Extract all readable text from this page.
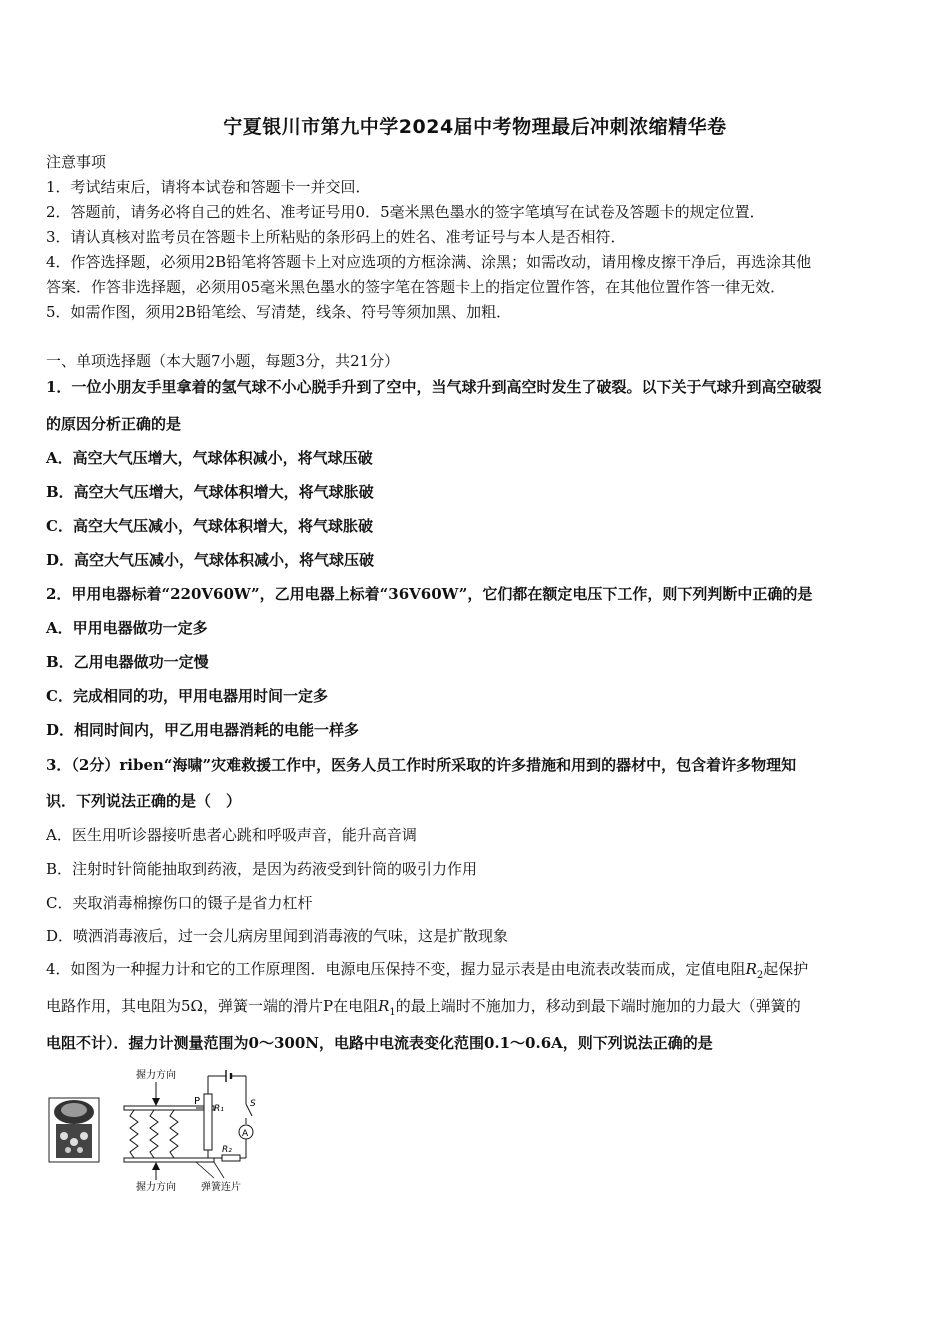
宁夏银川市第九中学2024届中考物理最后冲刺浓缩精华卷
注意事项
1．考试结束后，请将本试卷和答题卡一并交回．
2．答题前，请务必将自己的姓名、准考证号用0．5毫米黑色墨水的签字笔填写在试卷及答题卡的规定位置．
3．请认真核对监考员在答题卡上所粘贴的条形码上的姓名、准考证号与本人是否相符．
4．作答选择题，必须用2B铅笔将答题卡上对应选项的方框涂满、涂黑；如需改动，请用橡皮擦干净后，再选涂其他
答案．作答非选择题，必须用05毫米黑色墨水的签字笔在答题卡上的指定位置作答，在其他位置作答一律无效．
5．如需作图，须用2B铅笔绘、写清楚，线条、符号等须加黑、加粗．
一、单项选择题（本大题7小题，每题3分，共21分）
1．一位小朋友手里拿着的氢气球不小心脱手升到了空中，当气球升到高空时发生了破裂。以下关于气球升到高空破裂
的原因分析正确的是
A．高空大气压增大，气球体积减小，将气球压破
B．高空大气压增大，气球体积增大，将气球胀破
C．高空大气压减小，气球体积增大，将气球胀破
D．高空大气压减小，气球体积减小，将气球压破
2．甲用电器标着“220V60W”，乙用电器上标着“36V60W”，它们都在额定电压下工作，则下列判断中正确的是
A．甲用电器做功一定多
B．乙用电器做功一定慢
C．完成相同的功，甲用电器用时间一定多
D．相同时间内，甲乙用电器消耗的电能一样多
3．（2分）riben“海啸”灾难救援工作中，医务人员工作时所采取的许多措施和用到的器材中，包含着许多物理知
识．下列说法正确的是（　）
A．医生用听诊器接听患者心跳和呼吸声音，能升高音调
B．注射时针筒能抽取到药液，是因为药液受到针筒的吸引力作用
C．夹取消毒棉擦伤口的镊子是省力杠杆
D．喷洒消毒液后，过一会儿病房里闻到消毒液的气味，这是扩散现象
4．如图为一种握力计和它的工作原理图．电源电压保持不变，握力显示表是由电流表改装而成，定值电阻$R_2$起保护
电路作用，其电阻为5Ω，弹簧一端的滑片P在电阻$R_1$的最上端时不施加力，移动到最下端时施加的力最大（弹簧的
电阻不计）．握力计测量范围为0～300N，电路中电流表变化范围0.1～0.6A，则下列说法正确的是
握力方向
P
R₁	S
A
R₂
握力方向	弹簧连片
